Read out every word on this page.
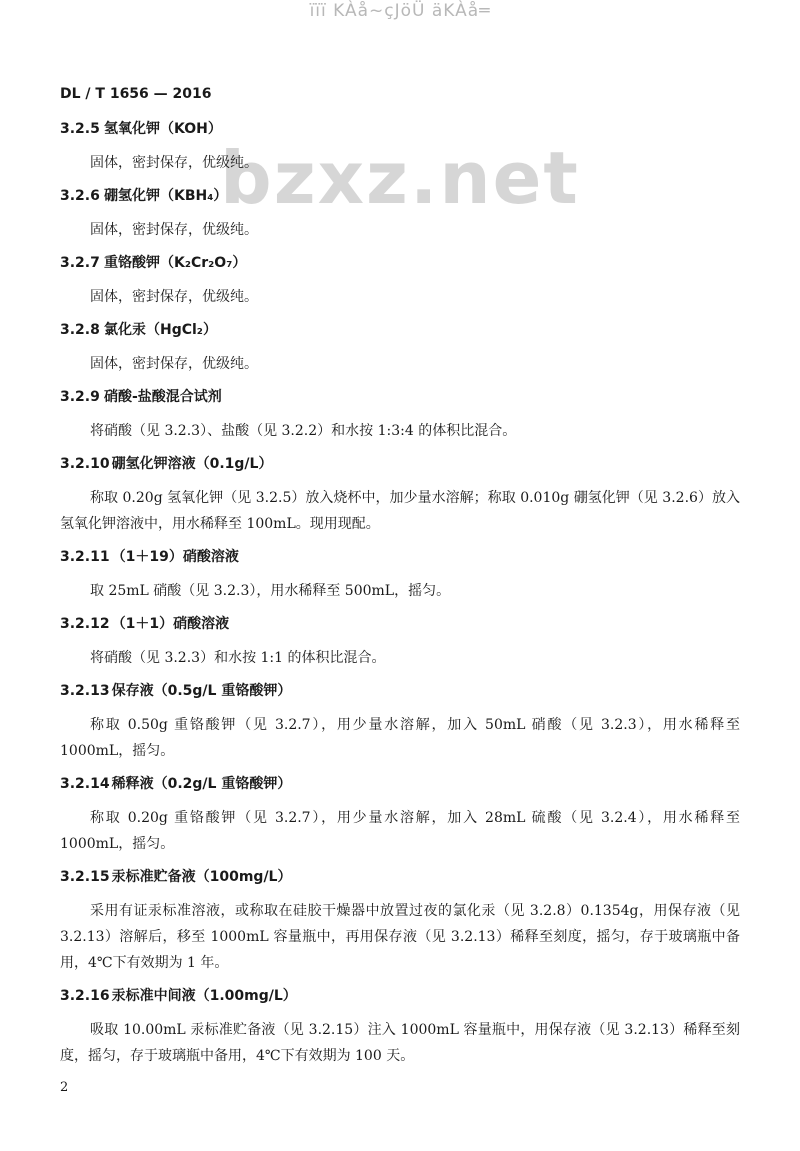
ïïï KÀå~çJöÜ äKÀå═
DL / T 1656 — 2016
bzxz.net
3.2.5 氢氧化钾（KOH）
固体，密封保存，优级纯。
3.2.6 硼氢化钾（KBH₄）
固体，密封保存，优级纯。
3.2.7 重铬酸钾（K₂Cr₂O₇）
固体，密封保存，优级纯。
3.2.8 氯化汞（HgCl₂）
固体，密封保存，优级纯。
3.2.9 硝酸-盐酸混合试剂
将硝酸（见 3.2.3）、盐酸（见 3.2.2）和水按 1:3:4 的体积比混合。
3.2.10 硼氢化钾溶液（0.1g/L）
称取 0.20g 氢氧化钾（见 3.2.5）放入烧杯中，加少量水溶解；称取 0.010g 硼氢化钾（见 3.2.6）放入氢氧化钾溶液中，用水稀释至 100mL。现用现配。
3.2.11 （1＋19）硝酸溶液
取 25mL 硝酸（见 3.2.3），用水稀释至 500mL，摇匀。
3.2.12 （1＋1）硝酸溶液
将硝酸（见 3.2.3）和水按 1:1 的体积比混合。
3.2.13 保存液（0.5g/L 重铬酸钾）
称取 0.50g 重铬酸钾（见 3.2.7），用少量水溶解，加入 50mL 硝酸（见 3.2.3），用水稀释至 1000mL，摇匀。
3.2.14 稀释液（0.2g/L 重铬酸钾）
称取 0.20g 重铬酸钾（见 3.2.7），用少量水溶解，加入 28mL 硫酸（见 3.2.4），用水稀释至 1000mL，摇匀。
3.2.15 汞标准贮备液（100mg/L）
采用有证汞标准溶液，或称取在硅胶干燥器中放置过夜的氯化汞（见 3.2.8）0.1354g，用保存液（见 3.2.13）溶解后，移至 1000mL 容量瓶中，再用保存液（见 3.2.13）稀释至刻度，摇匀，存于玻璃瓶中备用，4℃下有效期为 1 年。
3.2.16 汞标准中间液（1.00mg/L）
吸取 10.00mL 汞标准贮备液（见 3.2.15）注入 1000mL 容量瓶中，用保存液（见 3.2.13）稀释至刻度，摇匀，存于玻璃瓶中备用，4℃下有效期为 100 天。
2
